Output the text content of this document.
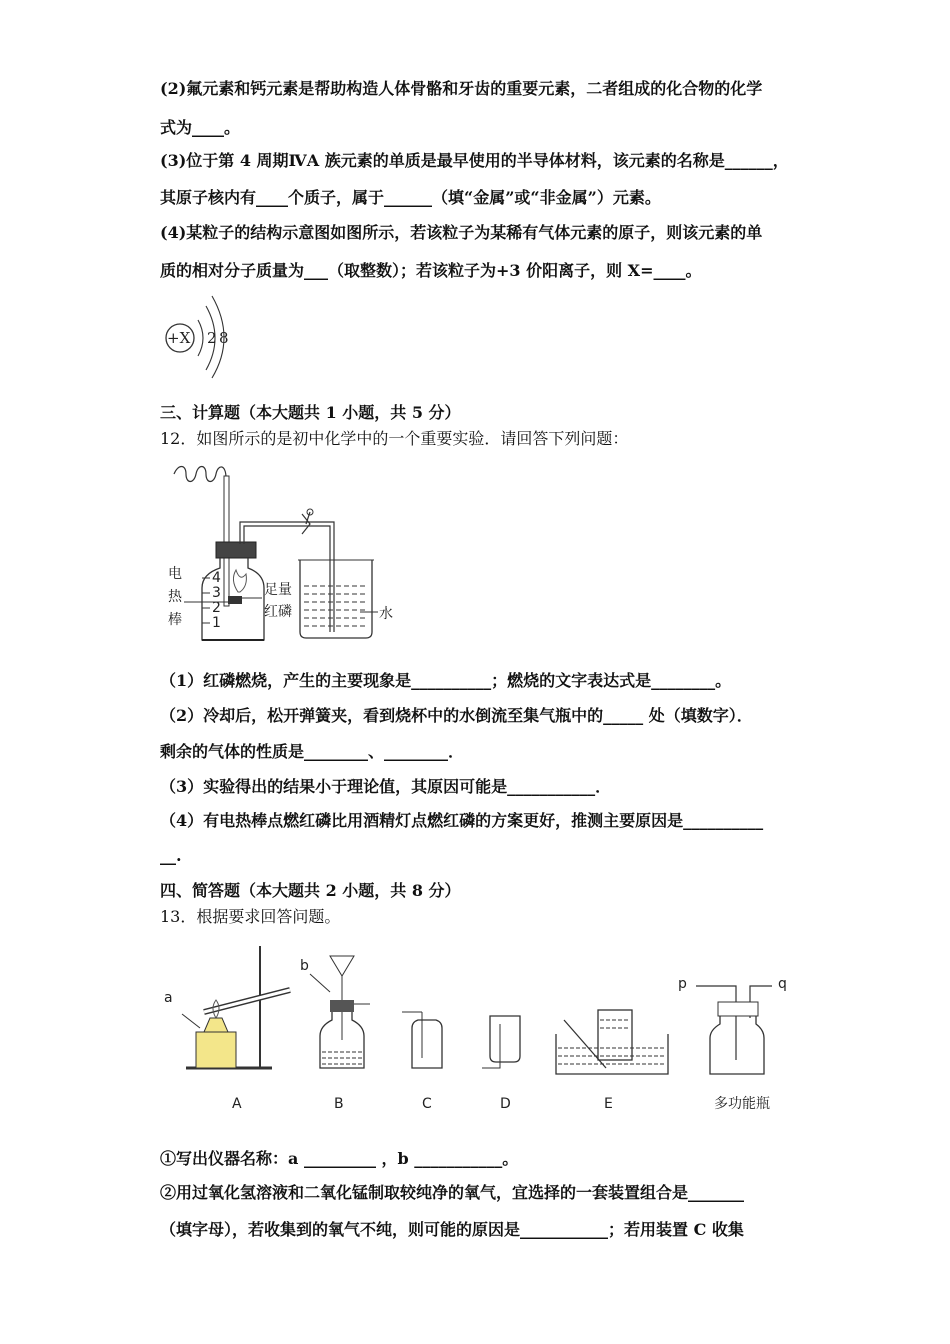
(2)氟元素和钙元素是帮助构造人体骨骼和牙齿的重要元素，二者组成的化合物的化学
式为____。
(3)位于第 4 周期ⅣA 族元素的单质是最早使用的半导体材料，该元素的名称是______，
其原子核内有____个质子，属于______（填“金属”或“非金属”）元素。
(4)某粒子的结构示意图如图所示，若该粒子为某稀有气体元素的原子，则该元素的单
质的相对分子质量为___（取整数）；若该粒子为+3 价阳离子，则 X=____。
+X 2 8
三、计算题（本大题共 1 小题，共 5 分）
12．如图所示的是初中化学中的一个重要实验．请回答下列问题：
4
3
2
1
电
热
棒
足量
红磷	水
（1）红磷燃烧，产生的主要现象是__________；燃烧的文字表达式是________。
（2）冷却后，松开弹簧夹，看到烧杯中的水倒流至集气瓶中的_____ 处（填数字）．
剩余的气体的性质是________、________．
（3）实验得出的结果小于理论值，其原因可能是___________．
（4）有电热棒点燃红磷比用酒精灯点燃红磷的方案更好，推测主要原因是__________
__.
四、简答题（本大题共 2 小题，共 8 分）
13．根据要求回答问题。
a
b
p	q
A	B	C	D	E	多功能瓶
①写出仪器名称：a _________ ，b ___________。
②用过氧化氢溶液和二氧化锰制取较纯净的氧气，宜选择的一套装置组合是_______
（填字母），若收集到的氧气不纯，则可能的原因是___________；若用装置 C 收集
